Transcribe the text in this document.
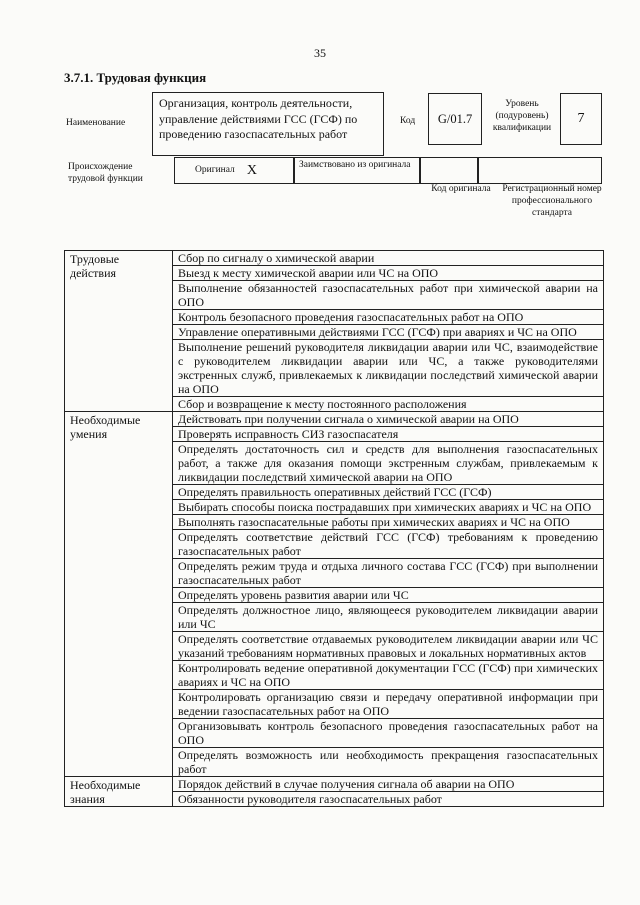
35
3.7.1. Трудовая функция
Наименование
Организация, контроль деятельности, управление действиями ГСС (ГСФ) по проведению газоспасательных работ
Код	G/01.7
Уровень (подуровень) квалификации
7
Происхождение трудовой функции
Оригинал X	Заимствовано из оригинала
Код оригинала	Регистрационный номер профессионального стандарта
Трудовые действия	Сбор по сигналу о химической аварии
	Выезд к месту химической аварии или ЧС на ОПО
	Выполнение обязанностей газоспасательных работ при химической аварии на ОПО
	Контроль безопасного проведения газоспасательных работ на ОПО
	Управление оперативными действиями ГСС (ГСФ) при авариях и ЧС на ОПО
	Выполнение решений руководителя ликвидации аварии или ЧС, взаимодействие с руководителем ликвидации аварии или ЧС, а также руководителями экстренных служб, привлекаемых к ликвидации последствий химической аварии на ОПО
	Сбор и возвращение к месту постоянного расположения
Необходимые умения	Действовать при получении сигнала о химической аварии на ОПО
	Проверять исправность СИЗ газоспасателя
	Определять достаточность сил и средств для выполнения газоспасательных работ, а также для оказания помощи экстренным службам, привлекаемым к ликвидации последствий химической аварии на ОПО
	Определять правильность оперативных действий ГСС (ГСФ)
	Выбирать способы поиска пострадавших при химических авариях и ЧС на ОПО
	Выполнять газоспасательные работы при химических авариях и ЧС на ОПО
	Определять соответствие действий ГСС (ГСФ) требованиям к проведению газоспасательных работ
	Определять режим труда и отдыха личного состава ГСС (ГСФ) при выполнении газоспасательных работ
	Определять уровень развития аварии или ЧС
	Определять должностное лицо, являющееся руководителем ликвидации аварии или ЧС
	Определять соответствие отдаваемых руководителем ликвидации аварии или ЧС указаний требованиям нормативных правовых и локальных нормативных актов
	Контролировать ведение оперативной документации ГСС (ГСФ) при химических авариях и ЧС на ОПО
	Контролировать организацию связи и передачу оперативной информации при ведении газоспасательных работ на ОПО
	Организовывать контроль безопасного проведения газоспасательных работ на ОПО
	Определять возможность или необходимость прекращения газоспасательных работ
Необходимые знания	Порядок действий в случае получения сигнала об аварии на ОПО
	Обязанности руководителя газоспасательных работ
